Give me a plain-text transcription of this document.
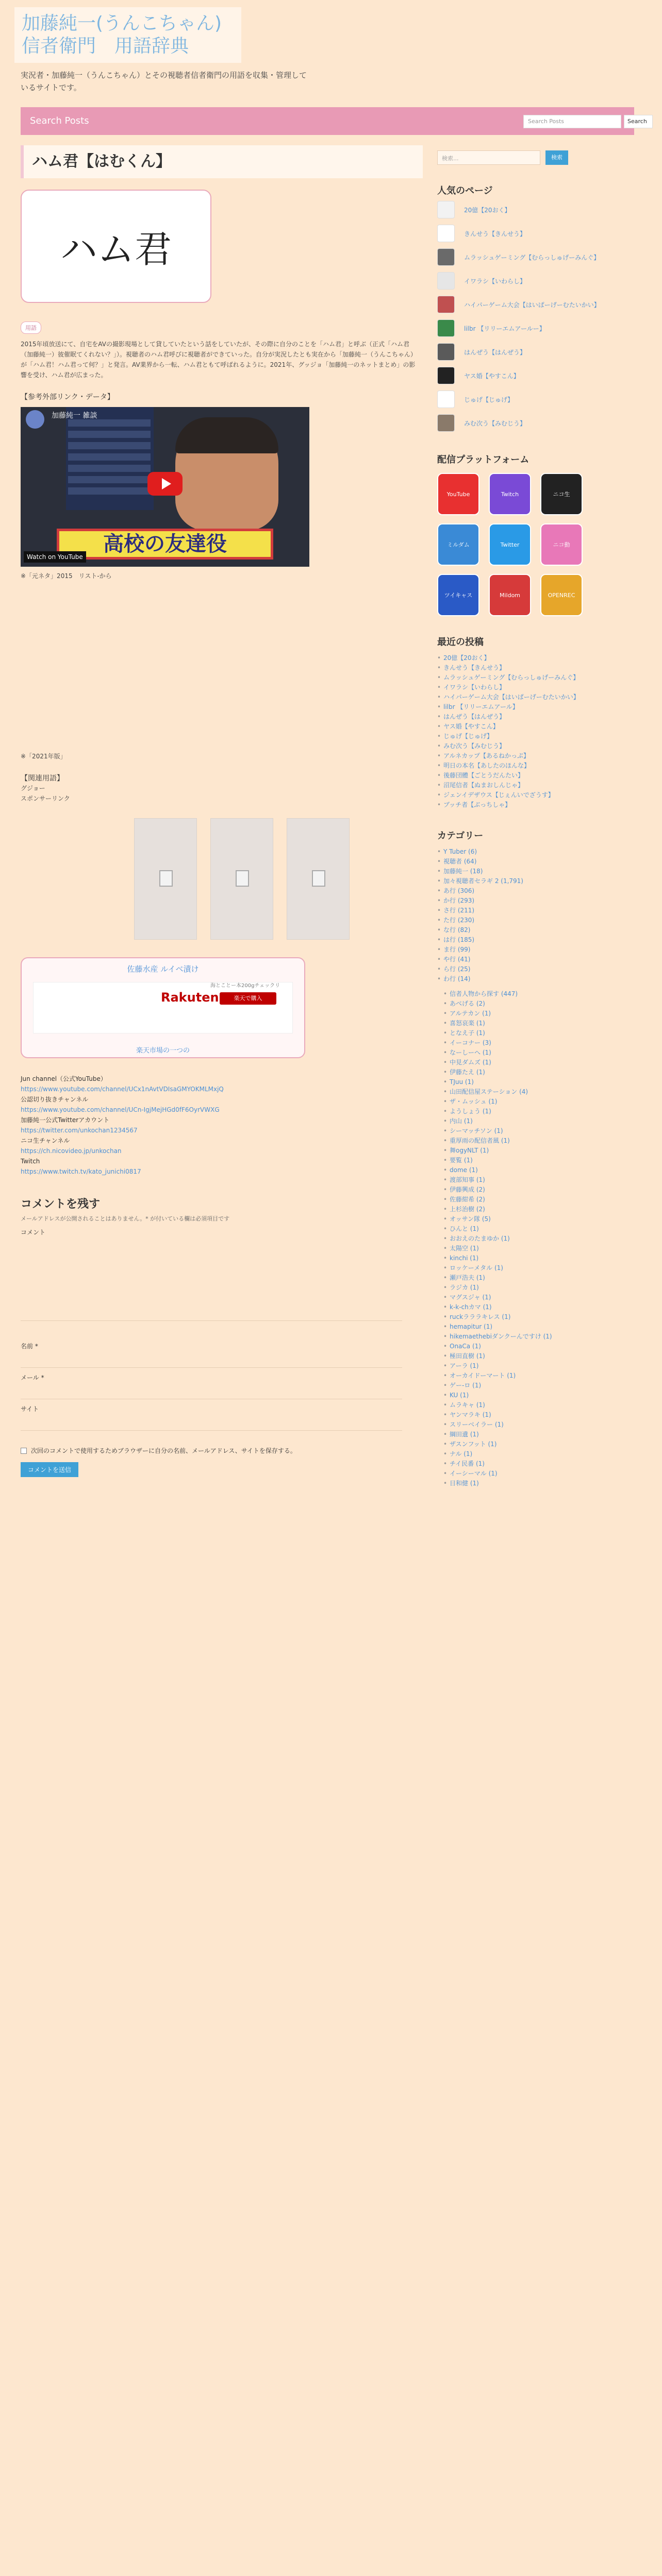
加藤純一(うんこちゃん)信者衛門　用語辞典
実況者・加藤純一（うんこちゃん）とその視聴者信者衛門の用語を収集・管理しているサイトです。
Search Posts	Search Posts	Search
ハム君【はむくん】
ハム君
用語

2015年頃放送にて、自宅をAVの撮影現場として貸していたという話をしていたが、その際に自分のことを「ハム君」と呼ぶ（正式「ハム君（加藤純一）彼催眠てくれない？」）。視聴者のハム君呼びに視聴者ができていった。自分が実況したとも実在から「加藤純一（うんこちゃん）が「ハム君！ハム君って何？」と発言。AV業界から一転、ハム君ともて呼ばれるように。2021年、グッジョ「加藤純一のネットまとめ」の影響を受け、ハム君が広まった。

【参考外部リンク・データ】
加藤純一 雑談
高校の友達役
Watch on YouTube

※「元ネタ」2015　リスト-から

※「2021年版」

【関連用語】
グジョー
スポンサーリンク
佐藤水産 ルイベ漬け
海とことー本200gチェックリ
Rakuten	楽天で購入
楽天市場の一つの
Jun channel（公式YouTube）
https://www.youtube.com/channel/UCx1nAvtVDIsaGMYOKMLMxjQ
公認切り抜きチャンネル
https://www.youtube.com/channel/UCn-IgjMejHGd0fF6OyrVWXG
加藤純一公式Twitterアカウント
https://twitter.com/unkochan1234567
ニコ生チャンネル
https://ch.nicovideo.jp/unkochan
Twitch
https://www.twitch.tv/kato_junichi0817
コメントを残す

メールアドレスが公開されることはありません。* が付いている欄は必須項目です

コメント
名前 *
メール *
サイト
次回のコメントで使用するためブラウザーに自分の名前、メールアドレス、サイトを保存する。
コメントを送信
検索...	検索
人気のページ
20億【20おく】
きんせう【きんせう】
ムラッシュゲーミング【むらっしゅげーみんぐ】
イワラシ【いわらし】
ハイパーゲーム大会【はいぱーげーむたいかい】
lilbr 【リリーエムアールー】
はんぜう【はんぜう】
ヤス婚【やすこん】
じゅげ【じゅげ】
みむ次う【みむじう】
配信プラットフォーム
YouTube	Twitch	ニコ生
ミルダム	Twitter	ニコ動
ツイキャス	Mildom	OPENREC
最近の投稿
• 20億【20おく】
• きんせう【きんせう】
• ムラッシュゲーミング【むらっしゅげーみんぐ】
• イワラシ【いわらし】
• ハイパーゲーム大会【はいぱーげーむたいかい】
• lilbr 【リリーエムアール】
• はんぜう【はんぜう】
• ヤス婚【やすこん】
• じゅげ【じゅげ】
• みむ次う【みむじう】
• アルネカップ【あるねかっぷ】
• 明日の本名【あしたのほんな】
• 後藤団體【ごとうだんたい】
• 沼尾信者【ぬまおしんじゃ】
• ジェンイデザウス【じぇんいでざうす】
• ブッチ者【ぶっちしゃ】
カテゴリー
• Y Tuber (6)
• 視聴者 (64)
• 加藤純一 (18)
• 加々視聴者セラギ 2 (1,791)
• あ行 (306)
• か行 (293)
• さ行 (211)
• た行 (230)
• な行 (82)
• は行 (185)
• ま行 (99)
• や行 (41)
• ら行 (25)
• わ行 (14)
• 信者人物から探す (447)
• あべげる (2)
• アルテカン (1)
• 喜怒哀楽 (1)
• となえ子 (1)
• イーコナー (3)
• なーしーへ (1)
• 中見ダムズ (1)
• 伊藤たえ (1)
• TJuu (1)
• 山田配信屋ステーション (4)
• ザ・ムッシュ (1)
• ようしょう (1)
• 内山 (1)
• シーマッチソン (1)
• 重厚雨の配信者風 (1)
• 舞ogyNLT (1)
• 要覧 (1)
• dome (1)
• 渡部知事 (1)
• 伊藤興成 (2)
• 佐藤紺希 (2)
• 上杉治樹 (2)
• オッサン隊 (5)
• ひんと (1)
• おおえのたまゆか (1)
• 太陽空 (1)
• kinchi (1)
• ロッケーメタル (1)
• 瀬戸浩夫 (1)
• ラジカ (1)
• マグスジャ (1)
• k-k-chカマ (1)
• ruckラララキレス (1)
• hemapitur (1)
• hikemaethebiダンクーんですけ (1)
• OnaCa (1)
• 極田直樹 (1)
• アーラ (1)
• オーカイドーマート (1)
• ゲー-ロ (1)
• KU (1)
• ムラキャ (1)
• ヤンマラキ (1)
• スリーベイラー (1)
• 綱田遺 (1)
• ザスンフット (1)
• ナル (1)
• チイ民番 (1)
• イーシーマル (1)
• 日和健 (1)
